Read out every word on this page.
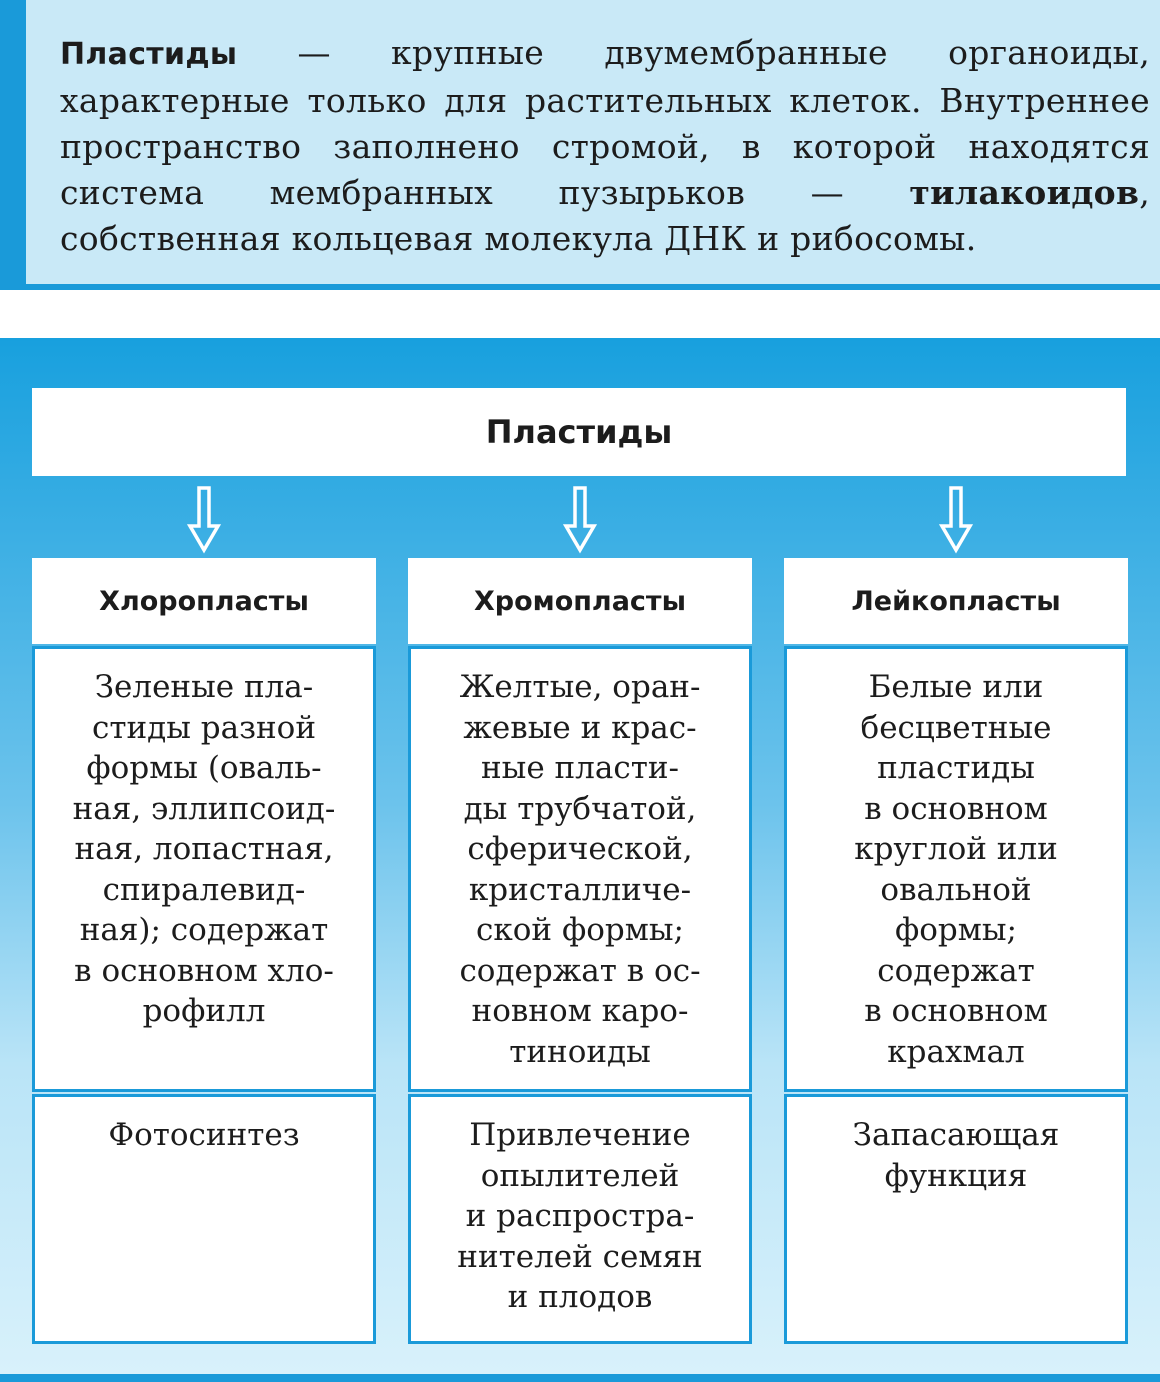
Пластиды — крупные двумембранные органоиды, характерные только для растительных клеток. Внутреннее пространство заполнено стромой, в которой находятся система мембранных пузырьков — тилакоидов, собственная кольцевая молекула ДНК и рибосомы.

Пластиды
Хлоропласты

Зеленые пла-
стиды разной
формы (оваль-
ная, эллипсоид-
ная, лопастная,
спиралевид-
ная); содержат
в основном хло-
рофилл

Фотосинтез

Хромопласты

Желтые, оран-
жевые и крас-
ные пласти-
ды трубчатой,
сферической,
кристалличе-
ской формы;
содержат в ос-
новном каро-
тиноиды

Привлечение
опылителей
и распростра-
нителей семян
и плодов

Лейкопласты

Белые или
бесцветные
пластиды
в основном
круглой или
овальной
формы;
содержат
в основном
крахмал

Запасающая
функция
